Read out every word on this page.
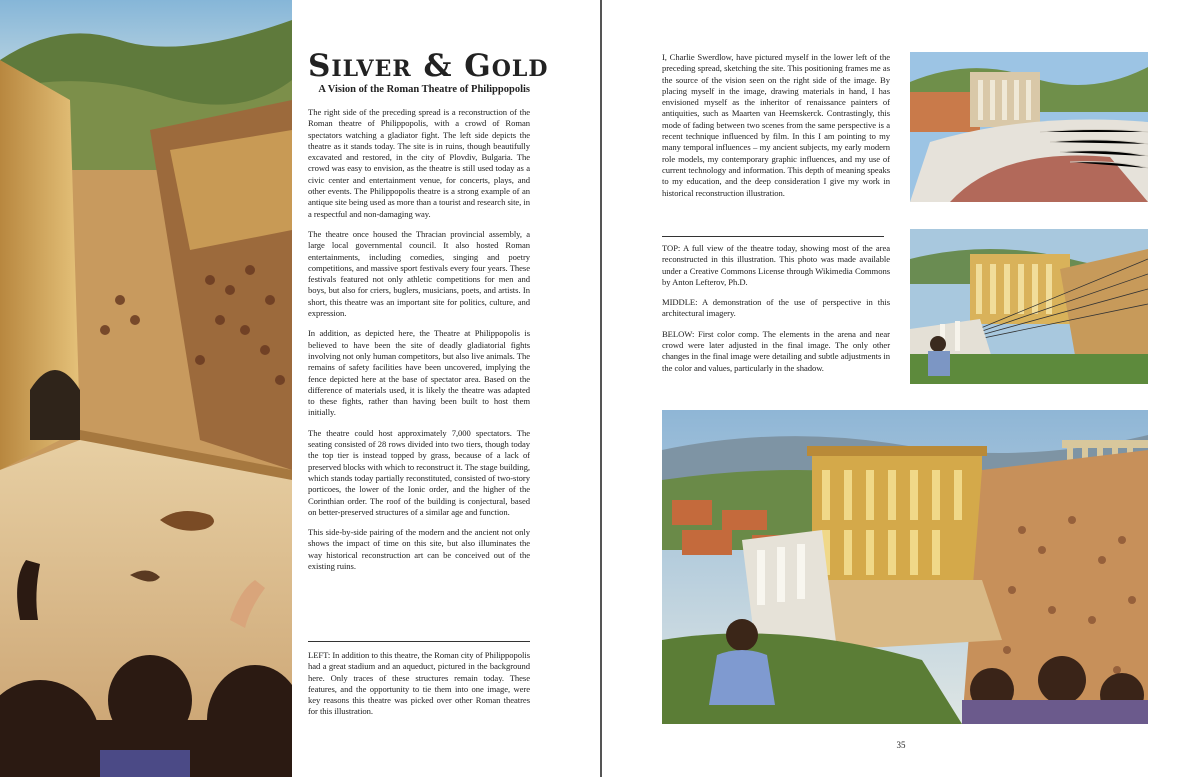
Silver & Gold
A Vision of the Roman Theatre of Philippopolis

The right side of the preceding spread is a reconstruction of the Roman theatre of Philippopolis, with a crowd of Roman spectators watching a gladiator fight. The left side depicts the theatre as it stands today. The site is in ruins, though beautifully excavated and restored, in the city of Plovdiv, Bulgaria. The crowd was easy to envision, as the theatre is still used today as a civic center and entertainment venue, for concerts, plays, and other events. The Philippopolis theatre is a strong example of an antique site being used as more than a tourist and research site, in a respectful and non-damaging way.

The theatre once housed the Thracian provincial assembly, a large local governmental council. It also hosted Roman entertainments, including comedies, singing and poetry competitions, and massive sport festivals every four years. These festivals featured not only athletic competitions for men and boys, but also for criers, buglers, musicians, poets, and artists. In short, this theatre was an important site for politics, culture, and expression.

In addition, as depicted here, the Theatre at Philippopolis is believed to have been the site of deadly gladiatorial fights involving not only human competitors, but also live animals. The remains of safety facilities have been uncovered, implying the fence depicted here at the base of spectator area. Based on the difference of materials used, it is likely the theatre was adapted to these fights, rather than having been built to host them initially.

The theatre could host approximately 7,000 spectators. The seating consisted of 28 rows divided into two tiers, though today the top tier is instead topped by grass, because of a lack of preserved blocks with which to reconstruct it. The stage building, which stands today partially reconstituted, consisted of two-story porticoes, the lower of the Ionic order, and the higher of the Corinthian order. The roof of the building is conjectural, based on better-preserved structures of a similar age and function.

This side-by-side pairing of the modern and the ancient not only shows the impact of time on this site, but also illuminates the way historical reconstruction art can be conceived out of the existing ruins.

LEFT: In addition to this theatre, the Roman city of Philippopolis had a great stadium and an aqueduct, pictured in the background here. Only traces of these structures remain today. These features, and the opportunity to tie them into one image, were key reasons this theatre was picked over other Roman theatres for this illustration.

I, Charlie Swerdlow, have pictured myself in the lower left of the preceding spread, sketching the site. This positioning frames me as the source of the vision seen on the right side of the image. By placing myself in the image, drawing materials in hand, I has envisioned myself as the inheritor of renaissance painters of antiquities, such as Maarten van Heemskerck. Contrastingly, this mode of fading between two scenes from the same perspective is a recent technique influenced by film. In this I am pointing to my many temporal influences – my ancient subjects, my early modern role models, my contemporary graphic influences, and my use of current technology and information. This depth of meaning speaks to my education, and the deep consideration I give my work in historical reconstruction illustration.

TOP: A full view of the theatre today, showing most of the area reconstructed in this illustration. This photo was made available under a Creative Commons License through Wikimedia Commons by Anton Lefterov, Ph.D.

MIDDLE: A demonstration of the use of perspective in this architectural imagery.

BELOW: First color comp. The elements in the arena and near crowd were later adjusted in the final image. The only other changes in the final image were detailing and subtle adjustments in the color and values, particularly in the shadow.

35
